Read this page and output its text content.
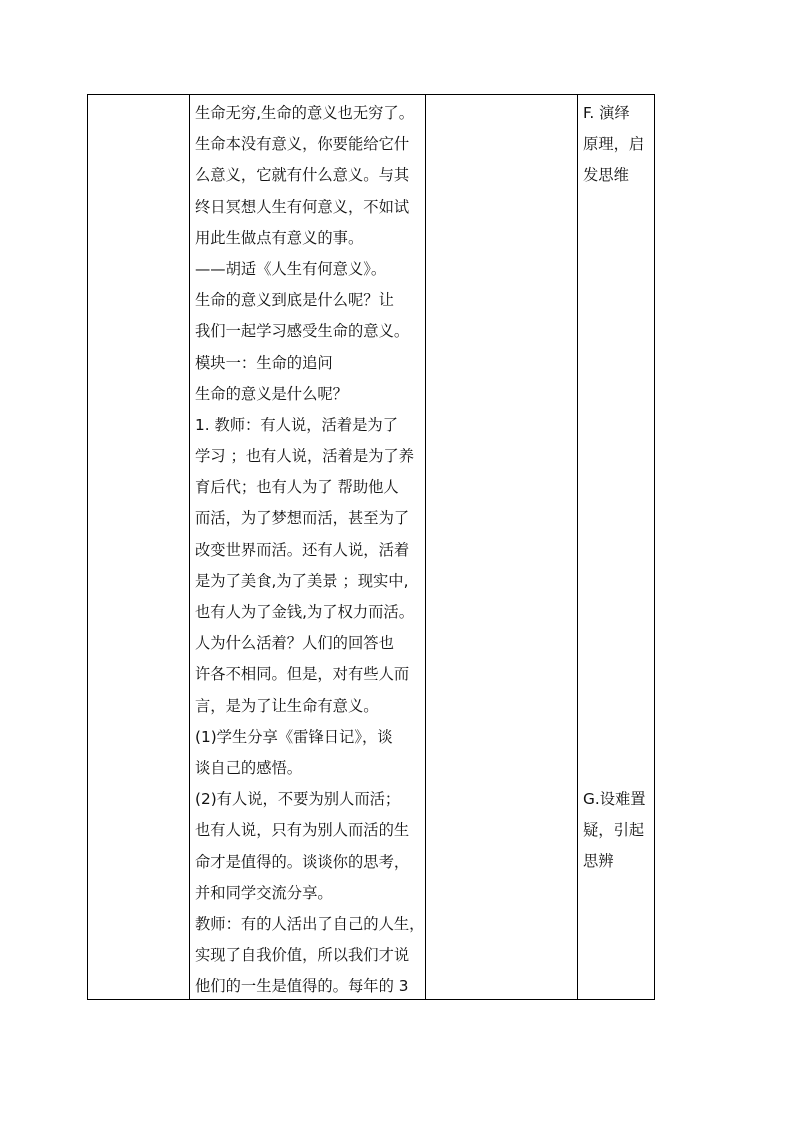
生命无穷,生命的意义也无穷了。
生命本没有意义，你要能给它什
么意义，它就有什么意义。与其
终日冥想人生有何意义，不如试
用此生做点有意义的事。
——胡适《人生有何意义》。
生命的意义到底是什么呢？让
我们一起学习感受生命的意义。
模块一：生命的追问
生命的意义是什么呢？
1. 教师：有人说，活着是为了
学习 ；也有人说，活着是为了养
育后代；也有人为了 帮助他人
而活，为了梦想而活，甚至为了
改变世界而活。还有人说，活着
是为了美食,为了美景 ；现实中,
也有人为了金钱,为了权力而活。
人为什么活着？人们的回答也
许各不相同。但是，对有些人而
言，是为了让生命有意义。
(1)学生分享《雷锋日记》，谈
谈自己的感悟。
(2)有人说，不要为别人而活；
也有人说，只有为别人而活的生
命才是值得的。谈谈你的思考，
并和同学交流分享。
教师：有的人活出了自己的人生，
实现了自我价值，所以我们才说
他们的一生是值得的。每年的 3
F. 演绎
原理，启
发思维
G.设难置
疑，引起
思辨
